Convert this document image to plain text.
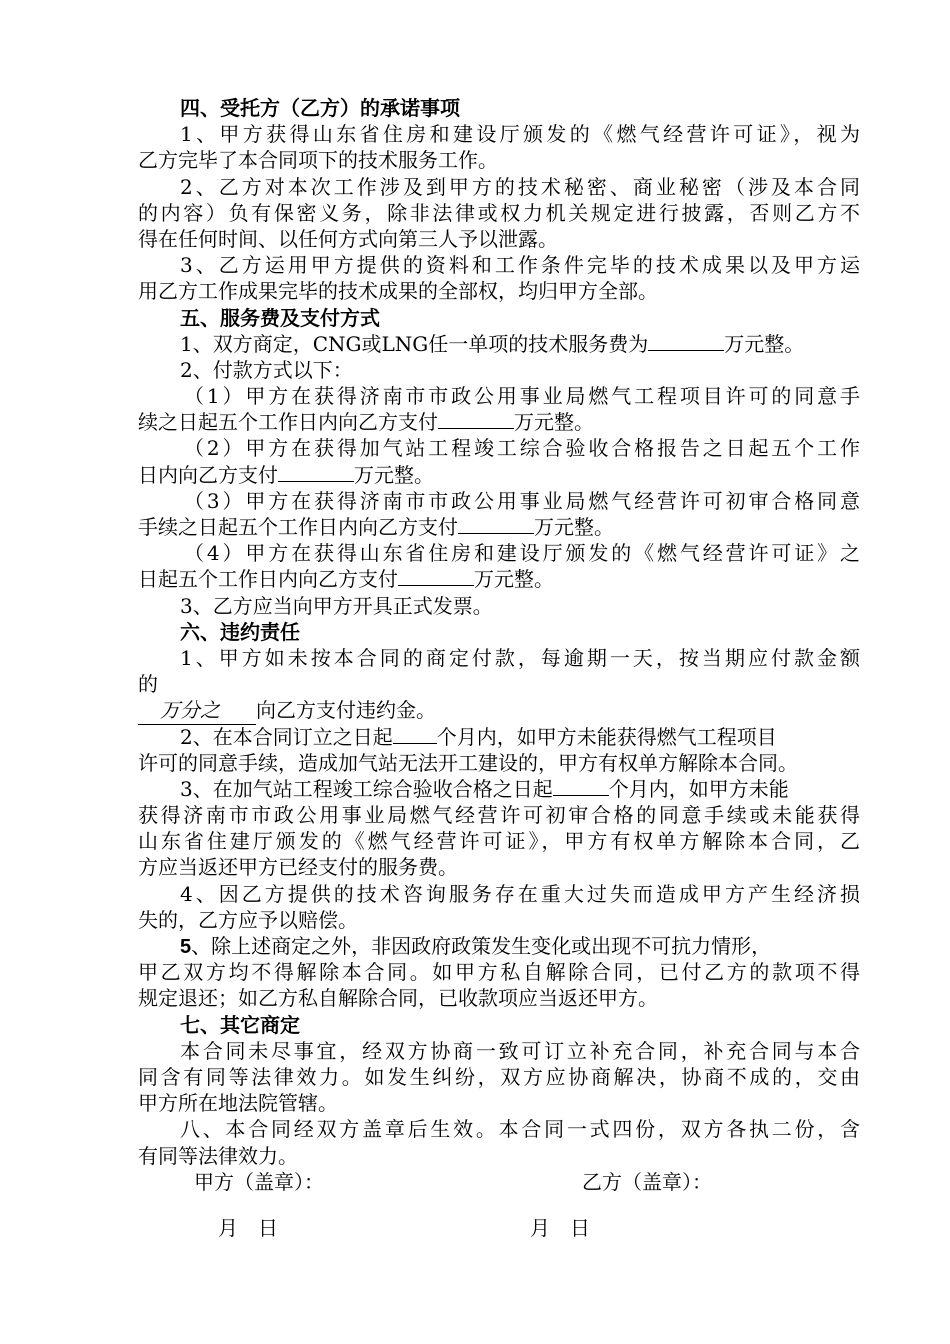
四、受托方（乙方）的承诺事项
1、甲方获得山东省住房和建设厅颁发的《燃气经营许可证》，视为
乙方完毕了本合同项下的技术服务工作。
2、乙方对本次工作涉及到甲方的技术秘密、商业秘密（涉及本合同
的内容）负有保密义务，除非法律或权力机关规定进行披露，否则乙方不
得在任何时间、以任何方式向第三人予以泄露。
3、乙方运用甲方提供的资料和工作条件完毕的技术成果以及甲方运
用乙方工作成果完毕的技术成果的全部权，均归甲方全部。
五、服务费及支付方式
1、双方商定，CNG或LNG任一单项的技术服务费为	万元整。
2、付款方式以下：
（1）甲方在获得济南市市政公用事业局燃气工程项目许可的同意手
续之日起五个工作日内向乙方支付	万元整。
（2）甲方在获得加气站工程竣工综合验收合格报告之日起五个工作
日内向乙方支付	万元整。
（3）甲方在获得济南市市政公用事业局燃气经营许可初审合格同意
手续之日起五个工作日内向乙方支付	万元整。
（4）甲方在获得山东省住房和建设厅颁发的《燃气经营许可证》之
日起五个工作日内向乙方支付	万元整。
3、乙方应当向甲方开具正式发票。
六、违约责任
1、甲方如未按本合同的商定付款，每逾期一天，按当期应付款金额
的
万分之 向乙方支付违约金。
2、在本合同订立之日起 个月内，如甲方未能获得燃气工程项目
许可的同意手续，造成加气站无法开工建设的，甲方有权单方解除本合同。
3、在加气站工程竣工综合验收合格之日起	个月内，如甲方未能
获得济南市市政公用事业局燃气经营许可初审合格的同意手续或未能获得
山东省住建厅颁发的《燃气经营许可证》，甲方有权单方解除本合同，乙
方应当返还甲方已经支付的服务费。
4、因乙方提供的技术咨询服务存在重大过失而造成甲方产生经济损
失的，乙方应予以赔偿。
5、除上述商定之外，非因政府政策发生变化或出现不可抗力情形，
甲乙双方均不得解除本合同。如甲方私自解除合同，已付乙方的款项不得
规定退还；如乙方私自解除合同，已收款项应当返还甲方。
七、其它商定
本合同未尽事宜，经双方协商一致可订立补充合同，补充合同与本合
同含有同等法律效力。如发生纠纷，双方应协商解决，协商不成的，交由
甲方所在地法院管辖。
八、本合同经双方盖章后生效。本合同一式四份，双方各执二份，含
有同等法律效力。
甲方（盖章）：	乙方（盖章）：
月　日	月　日
